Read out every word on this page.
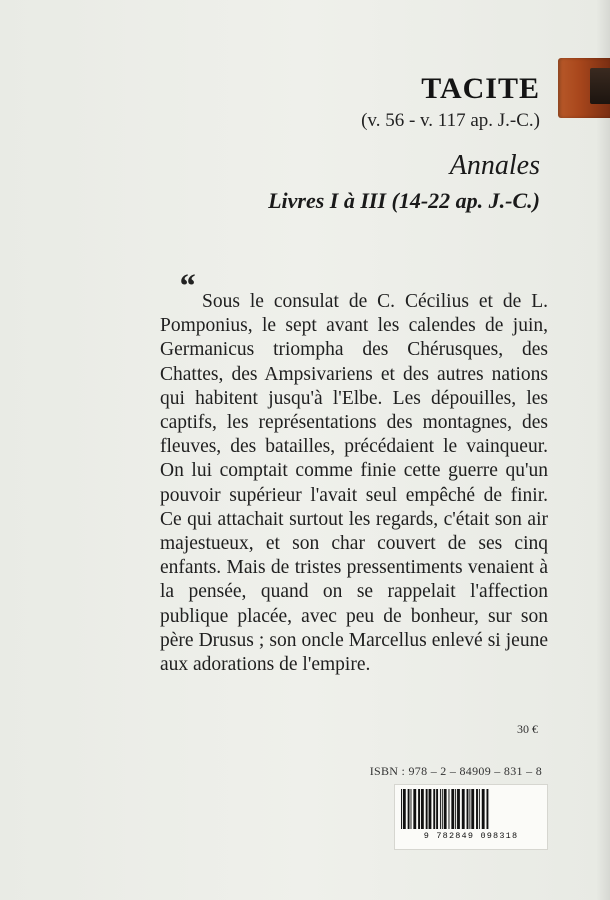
TACITE
(v. 56 - v. 117 ap. J.-C.)
Annales
Livres I à III (14-22 ap. J.-C.)
“ Sous le consulat de C. Cécilius et de L. Pomponius, le sept avant les calendes de juin, Germanicus triompha des Chérusques, des Chattes, des Ampsivariens et des autres nations qui habitent jusqu'à l'Elbe. Les dépouilles, les captifs, les représentations des montagnes, des fleuves, des batailles, précédaient le vainqueur. On lui comptait comme finie cette guerre qu'un pouvoir supérieur l'avait seul empêché de finir. Ce qui attachait surtout les regards, c'était son air majestueux, et son char couvert de ses cinq enfants. Mais de tristes pressentiments venaient à la pensée, quand on se rappelait l'affection publique placée, avec peu de bonheur, sur son père Drusus ; son oncle Marcellus enlevé si jeune aux adorations de l'empire.
30 €
ISBN : 978 – 2 – 84909 – 831 – 8
9 782849 098318
